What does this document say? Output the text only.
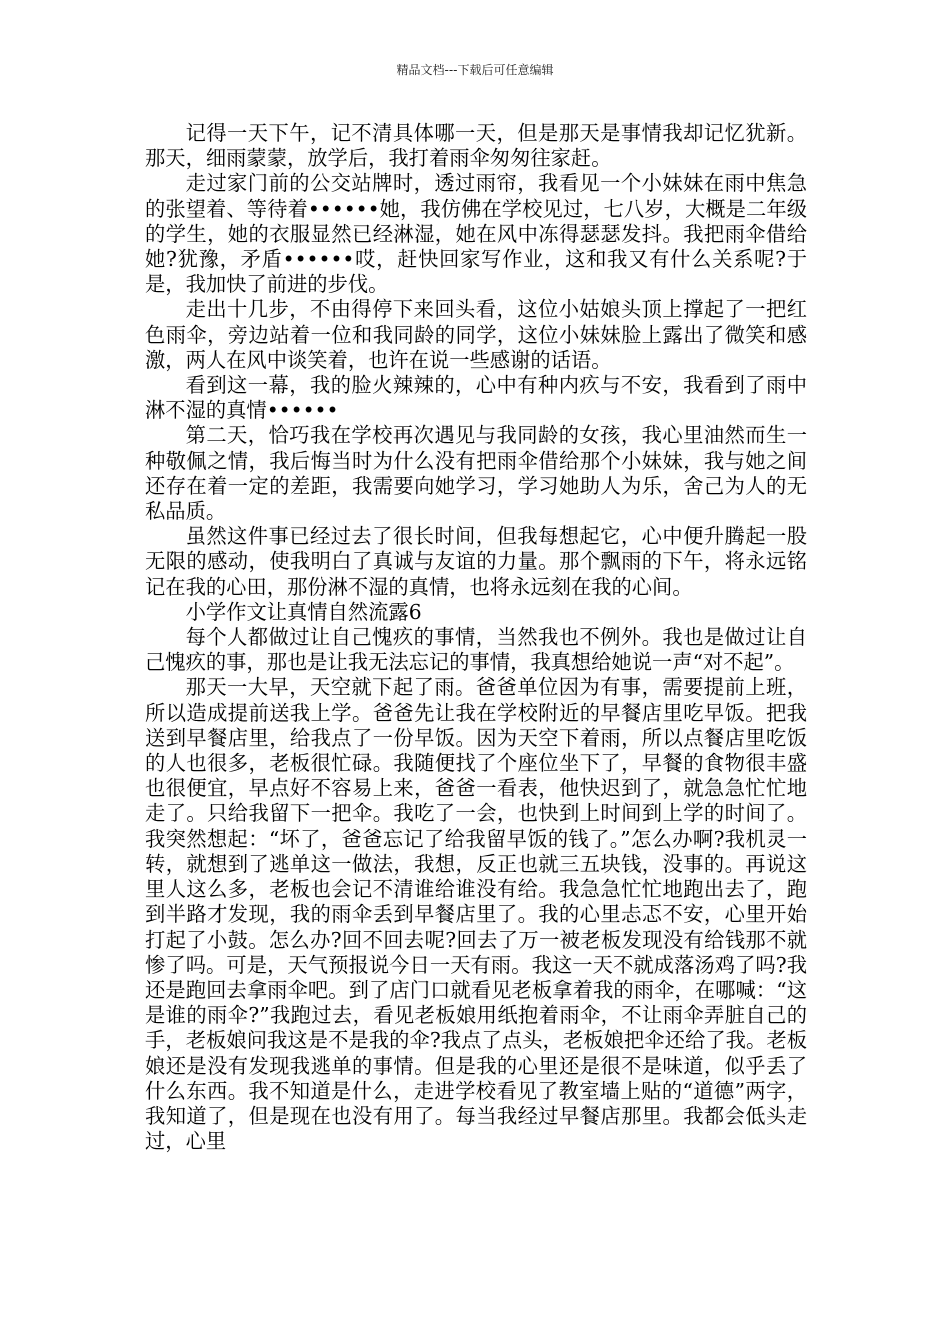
精品文档---下载后可任意编辑

记得一天下午，记不清具体哪一天，但是那天是事情我却记忆犹新。那天，细雨蒙蒙，放学后，我打着雨伞匆匆往家赶。

走过家门前的公交站牌时，透过雨帘，我看见一个小妹妹在雨中焦急的张望着、等待着••••••她，我仿佛在学校见过，七八岁，大概是二年级的学生，她的衣服显然已经淋湿，她在风中冻得瑟瑟发抖。我把雨伞借给她?犹豫，矛盾••••••哎，赶快回家写作业，这和我又有什么关系呢?于是，我加快了前进的步伐。

走出十几步，不由得停下来回头看，这位小姑娘头顶上撑起了一把红色雨伞，旁边站着一位和我同龄的同学，这位小妹妹脸上露出了微笑和感激，两人在风中谈笑着，也许在说一些感谢的话语。

看到这一幕，我的脸火辣辣的，心中有种内疚与不安，我看到了雨中淋不湿的真情••••••

第二天，恰巧我在学校再次遇见与我同龄的女孩，我心里油然而生一种敬佩之情，我后悔当时为什么没有把雨伞借给那个小妹妹，我与她之间还存在着一定的差距，我需要向她学习，学习她助人为乐，舍己为人的无私品质。

虽然这件事已经过去了很长时间，但我每想起它，心中便升腾起一股无限的感动，使我明白了真诚与友谊的力量。那个飘雨的下午，将永远铭记在我的心田，那份淋不湿的真情，也将永远刻在我的心间。

小学作文让真情自然流露6

每个人都做过让自己愧疚的事情，当然我也不例外。我也是做过让自己愧疚的事，那也是让我无法忘记的事情，我真想给她说一声“对不起”。

那天一大早，天空就下起了雨。爸爸单位因为有事，需要提前上班，所以造成提前送我上学。爸爸先让我在学校附近的早餐店里吃早饭。把我送到早餐店里，给我点了一份早饭。因为天空下着雨，所以点餐店里吃饭的人也很多，老板很忙碌。我随便找了个座位坐下了，早餐的食物很丰盛也很便宜，早点好不容易上来，爸爸一看表，他快迟到了，就急急忙忙地走了。只给我留下一把伞。我吃了一会，也快到上时间到上学的时间了。我突然想起：“坏了，爸爸忘记了给我留早饭的钱了。”怎么办啊?我机灵一转，就想到了逃单这一做法，我想，反正也就三五块钱，没事的。再说这里人这么多，老板也会记不清谁给谁没有给。我急急忙忙地跑出去了，跑到半路才发现，我的雨伞丢到早餐店里了。我的心里忐忑不安，心里开始打起了小鼓。怎么办?回不回去呢?回去了万一被老板发现没有给钱那不就惨了吗。可是，天气预报说今日一天有雨。我这一天不就成落汤鸡了吗?我还是跑回去拿雨伞吧。到了店门口就看见老板拿着我的雨伞，在哪喊：“这是谁的雨伞?”我跑过去，看见老板娘用纸抱着雨伞，不让雨伞弄脏自己的手，老板娘问我这是不是我的伞?我点了点头，老板娘把伞还给了我。老板娘还是没有发现我逃单的事情。但是我的心里还是很不是味道，似乎丢了什么东西。我不知道是什么，走进学校看见了教室墙上贴的“道德”两字，我知道了，但是现在也没有用了。每当我经过早餐店那里。我都会低头走过，心里
